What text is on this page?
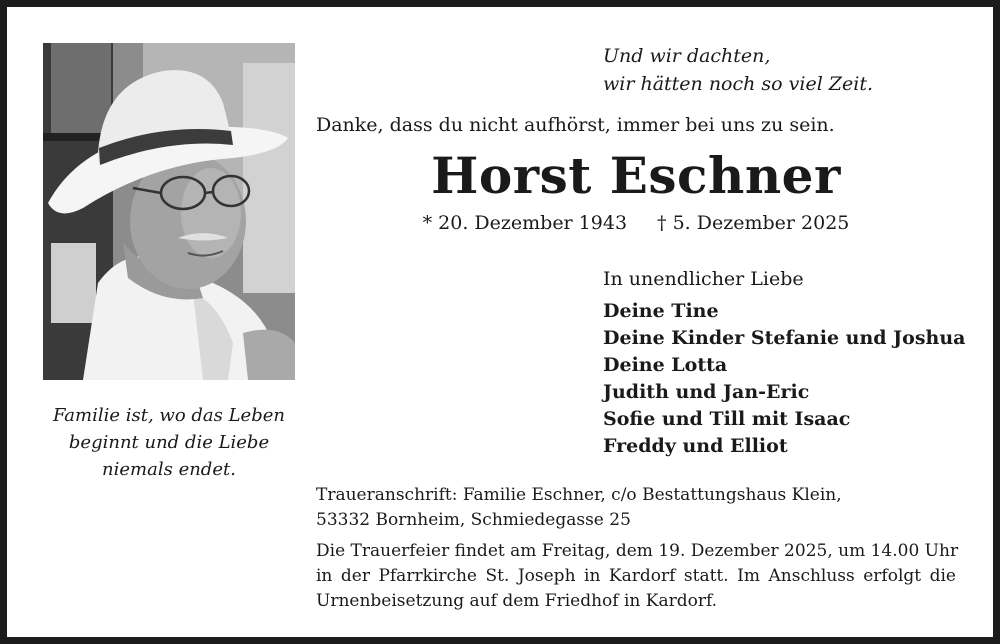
Familie ist, wo das Leben
beginnt und die Liebe
niemals endet.
Und wir dachten,
wir hätten noch so viel Zeit.
Danke, dass du nicht aufhörst, immer bei uns zu sein.
Horst Eschner
* 20. Dezember 1943 † 5. Dezember 2025
In unendlicher Liebe
Deine Tine
Deine Kinder Stefanie und Joshua
Deine Lotta
Judith und Jan-Eric
Sofie und Till mit Isaac
Freddy und Elliot
Traueranschrift: Familie Eschner, c/o Bestattungshaus Klein,
53332 Bornheim, Schmiedegasse 25
Die Trauerfeier findet am Freitag, dem 19. Dezember 2025, um 14.00 Uhr
in der Pfarrkirche St. Joseph in Kardorf statt. Im Anschluss erfolgt die
Urnenbeisetzung auf dem Friedhof in Kardorf.
